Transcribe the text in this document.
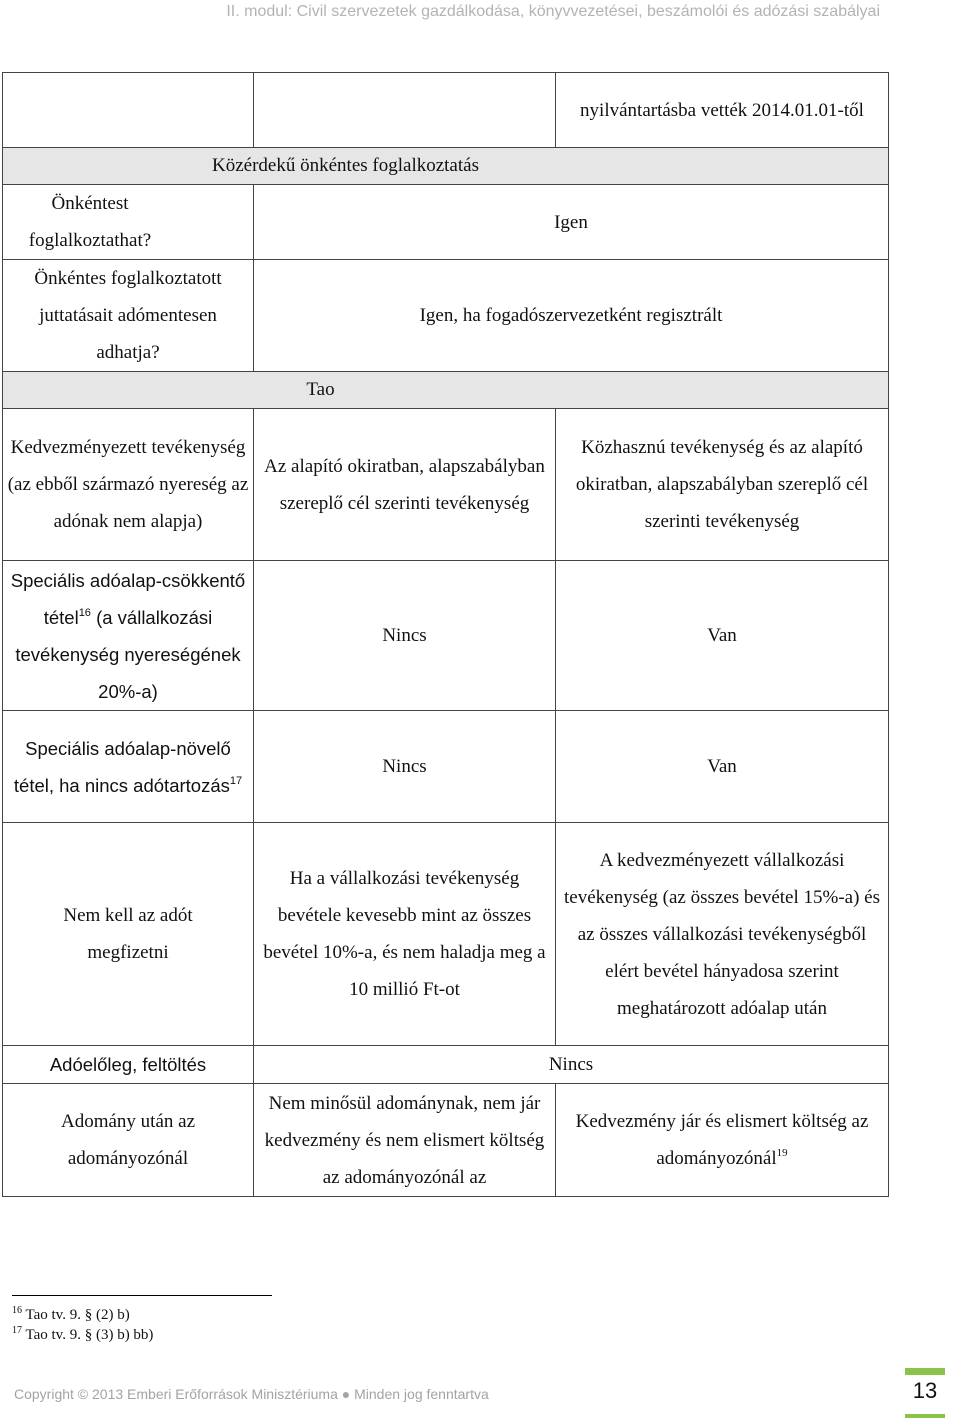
II. modul: Civil szervezetek gazdálkodása, könyvvezetései, beszámolói és adózási szabályai
		nyilvántartásba vették 2014.01.01-től
Közérdekű önkéntes foglalkoztatás		
Önkéntest foglalkoztathat?	Igen	
Önkéntes foglalkoztatott juttatásait adómentesen adhatja?	Igen, ha fogadószervezetként regisztrált	
Tao		
Kedvezményezett tevékenység (az ebből származó nyereség az adónak nem alapja)	Az alapító okiratban, alapszabályban szereplő cél szerinti tevékenység	Közhasznú tevékenység és az alapító okiratban, alapszabályban szereplő cél szerinti tevékenység
Speciális adóalap-csökkentő tétel$^{16}$ (a vállalkozási tevékenység nyereségének 20%-a)	Nincs	Van
Speciális adóalap-növelő tétel, ha nincs adótartozás$^{17}$	Nincs	Van
Nem kell az adót megfizetni	Ha a vállalkozási tevékenység bevétele kevesebb mint az összes bevétel 10%-a, és nem haladja meg a 10 millió Ft-ot	A kedvezményezett vállalkozási tevékenység (az összes bevétel 15%-a) és az összes vállalkozási tevékenységből elért bevétel hányadosa szerint meghatározott adóalap után
Adóelőleg, feltöltés	Nincs	
Adomány után az adományozónál	Nem minősül adománynak, nem jár kedvezmény és nem elismert költség az adományozónál az	Kedvezmény jár és elismert költség az adományozónál$^{19}$
$^{16}$ Tao tv. 9. § (2) b)
$^{17}$ Tao tv. 9. § (3) b) bb)
Copyright © 2013 Emberi Erőforrások Minisztériuma ● Minden jog fenntartva	13
